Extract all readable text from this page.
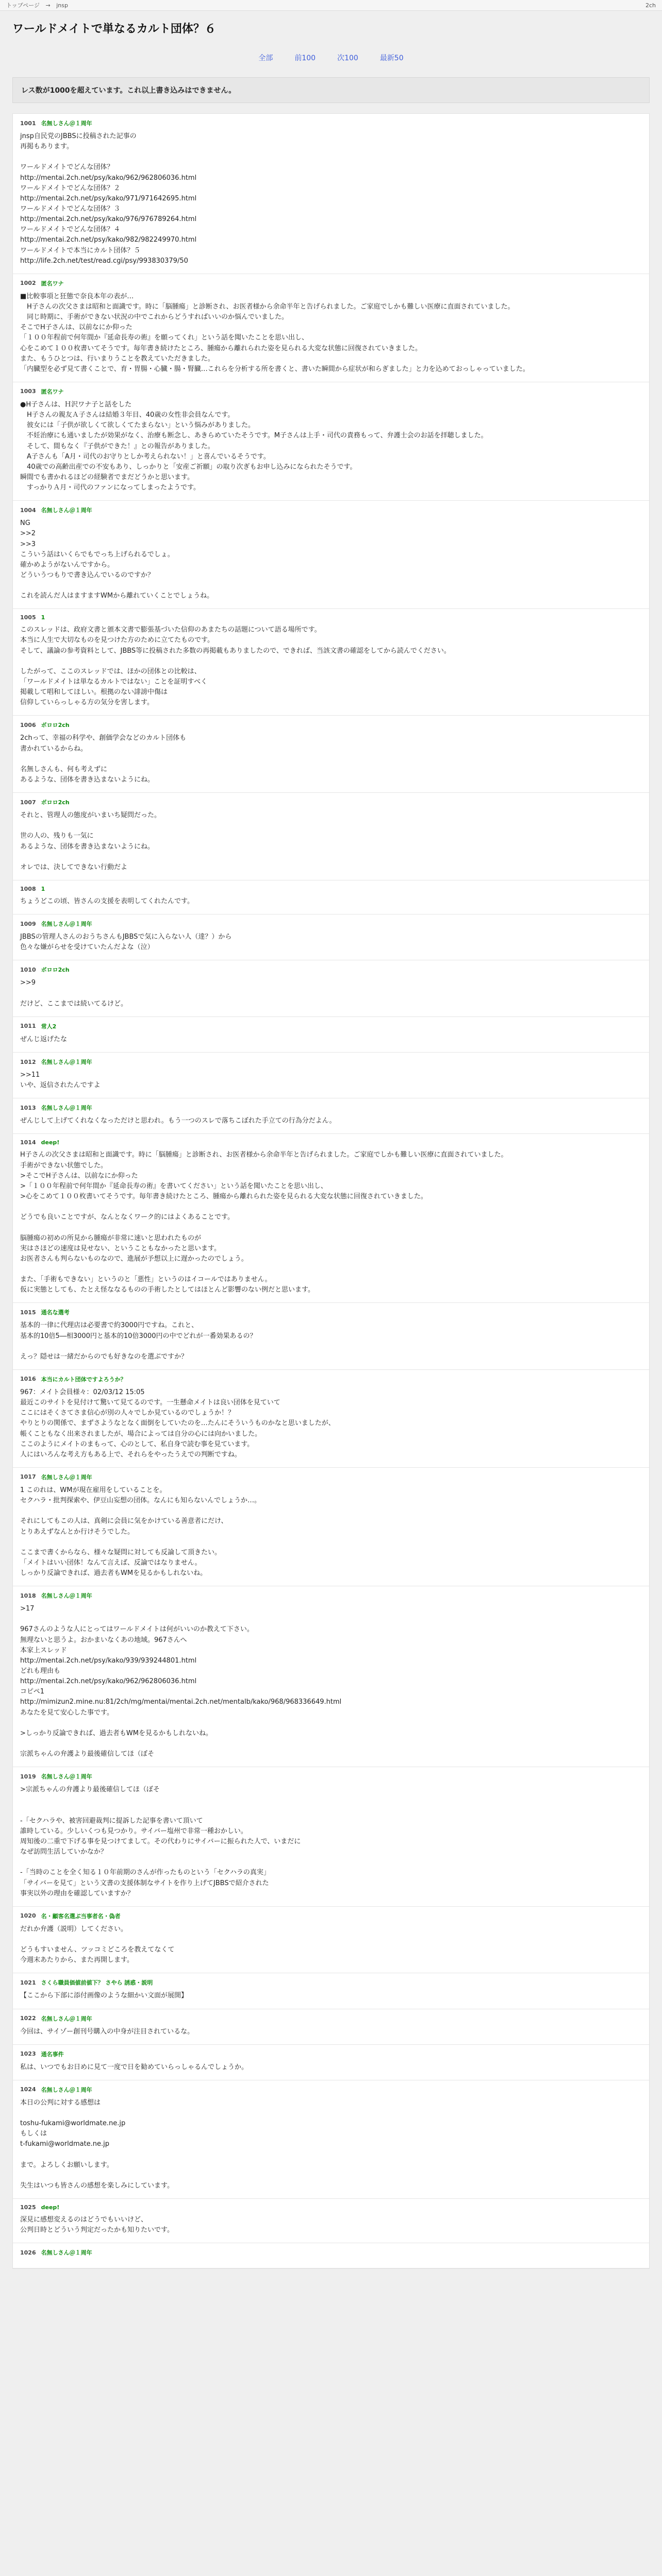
トップページ → jnsp	2ch
ワールドメイトで単なるカルト団体？６
全部	前100	次100	最新50
レス数が1000を超えています。これ以上書き込みはできません。
1001 名無しさん＠１周年
jnsp自民党のJBBSに投稿された記事の
再掲もあります。

ワールドメイトでどんな団体？
http://mentai.2ch.net/psy/kako/962/962806036.html
ワールドメイトでどんな団体？２
http://mentai.2ch.net/psy/kako/971/971642695.html
ワールドメイトでどんな団体？３
http://mentai.2ch.net/psy/kako/976/976789264.html
ワールドメイトでどんな団体？４
http://mentai.2ch.net/psy/kako/982/982249970.html
ワールドメイトで本当にカルト団体？５
http://life.2ch.net/test/read.cgi/psy/993830379/50
1002 匿名ワナ
■比較事項と狂態で奈良本年の表が…
　H子さんの次父さまは昭和と面識です。時に「脳腫瘍」と診断され、お医者様から余命半年と告げられました。ご家庭でしかも難しい医療に直面されていました。
　同じ時期に、手術ができない状況の中でこれからどうすればいいのか悩んでいました。
そこでH子さんは、以前なにか仰った
「１００年程前で何年間か『延命長寿の術』を願ってくれ」という話を聞いたことを思い出し、
心をこめて１００枚書いてそうです。毎年書き続けたところ、腫瘍から離れられた姿を見られる大変な状態に回復されていきました。
また、もうひとつは、行いまりうことを教えていただきました。
「内臓型を必ず見て書くことで、育・胃腸・心臓・腸・腎臓…これらを分析する所を書くと、書いた瞬間から症状が和らぎました」と力を込めておっしゃっていました。
1003 匿名ワナ
●H子さんは、Ｈ沢ワナ子と話をした
　H子さんの親友Ａ子さんは結婚３年目、40歳の女性非会員なんです。
　彼女には「子供が欲しくて欲しくてたまらない」という悩みがありました。
　不妊治療にも通いましたが効果がなく、治療も断念し、あきらめていたそうです。M子さんは上手・司代の責務もって、弁護士会のお話を拝聴しました。
　そして、間もなく『子供ができた！』との報告がありました。
　A子さんも「A月・司代のお守りとしか考えられない！」と喜んでいるそうです。
　40歳での高齢出産での不安もあり、しっかりと「安産ご祈願」の取り次ぎもお申し込みになられたそうです。
瞬間でも書かれるほどの経験者でまだどうかと思います。
　すっかりＡ月・司代のファンになってしまったようです。
1004 名無しさん＠１周年
NG
>>2
>>3
こういう話はいくらでもでっち上げられるでしょ。
確かめようがないんですから。
どういうつもりで書き込んでいるのですか？

これを読んだ人はますますWMから離れていくことでしょうね。
1005 1
このスレッドは、政府文書と頒本文書で膨張基づいた信仰のあまたちの話題について語る場所です。
本当に人生で大切なものを見つけた方のために立てたものです。
そして、議論の参考資料として、JBBS等に投稿された多数の再掲載もありましたので、できれば、当該文書の確認をしてから読んでください。

したがって、ここのスレッドでは、ほかの団体との比較は、
「ワールドメイトは単なるカルトではない」ことを証明すべく
掲載して唱和してほしい。根拠のない誹謗中傷は
信仰していらっしゃる方の気分を害します。
1006 ボロロ2ch
2chって、幸福の科学や、創価学会などのカルト団体も
書かれているからね。

名無しさんも、何も考えずに
あるような、団体を書き込まないようにね。
1007 ボロロ2ch
それと、管理人の態度がいまいち疑問だった。

世の人の、残りも一気に
あるような、団体を書き込まないようにね。

オレでは、決してできない行動だよ
1008 1
ちょうどこの頃、皆さんの支援を表明してくれたんです。
1009 名無しさん＠１周年
JBBSの管理人さんのおうちさんもJBBSで気に入らない人（達？）から
色々な嫌がらせを受けていたんだよな（泣）
1010 ボロロ2ch
>>9

だけど、ここまでは続いてるけど。
1011 常人2
ぜんじ返げたな
1012 名無しさん＠１周年
>>11
いや、返信されたんですよ
1013 名無しさん＠１周年
ぜんじして上げてくれなくなっただけと思われ。もう一つのスレで落ちこぼれた手立ての行為分だよん。
1014 deep!
H子さんの次父さまは昭和と面識です。時に「脳腫瘍」と診断され、お医者様から余命半年と告げられました。ご家庭でしかも難しい医療に直面されていました。
手術ができない状態でした。
>そこでH子さんは、以前なにか仰った
>「１００年程前で何年間か『延命長寿の術』を書いてください」という話を聞いたことを思い出し、
>心をこめて１００枚書いてそうです。毎年書き続けたところ、腫瘍から離れられた姿を見られる大変な状態に回復されていきました。

どうでも良いことですが、なんとなくワーク的にはよくあることです。

脳腫瘍の初めの所見から腫瘍が非常に速いと思われたものが
実はさほどの速度は見せない、ということもなかったと思います。
お医者さんも判らないものなので、進展が予想以上に遅かったのでしょう。

また、「手術もできない」というのと「悪性」というのはイコールではありません。
仮に実態としても、たとえ怪ななるものの手術したとしてはほとんど影響のない例だと思います。
1015 通名な選考
基本的一律に代理店は必要書で約3000円ですね。これと、
基本的10倍5―相3000円と基本的10倍3000円の中でどれが一番効果あるの？

えっ？隠せは一緒だからのでも好きなのを選ぶですか？
1016 本当にカルト団体ですよろうか？
967：メイト会員様々：02/03/12 15:05
最近このサイトを見付けて驚いて見てるのです。一生懸命メイトは良い団体を見ていて
ここにはそくさてさま信心が別の人々でしか見ているのでしょうか！？
やりとりの関係で、まずさようなとなく面倒をしていたのを…たんにそういうものかなと思いましたが、
帳くこともなく出来されましたが、場合によっては自分の心には向かいました。
ここのようにメイトのまもって、心のとして、私自身で読む事を見ています。
人にはいろんな考え方もある上で、それらをやったうえでの判断ですね。
1017 名無しさん＠１周年
1 このれは、WMが現在雇用をしていることを。
セクハラ・批判探索や、伊豆山妄想の団体。なんにも知らないんでしょうか…。

それにしてもこの人は、真剣に会員に気をかけている善意者にだけ、
とりあえずなんとか行けそうでした。

ここまで書くからなら、様々な疑問に対しても反論して頂きたい。
「メイトはいい団体！なんて言えば、反論ではなりません。
しっかり反論できれば、過去者もWMを見るかもしれないね。
1018 名無しさん＠１周年
>17

967さんのような人にとってはワールドメイトは何がいいのか教えて下さい。
無理ないと思うよ。おかまいなくあの地域。967さんへ
本家上スレッド
http://mentai.2ch.net/psy/kako/939/939244801.html
どれも理由も
http://mentai.2ch.net/psy/kako/962/962806036.html
コピペ1
http://mimizun2.mine.nu:81/2ch/mg/mentai/mentai.2ch.net/mentalb/kako/968/968336649.html
あなたを見て安心した事です。

>しっかり反論できれば、過去者もWMを見るかもしれないね。

宗派ちゃんの弁護より最後確信してほ（ぼそ
1019 名無しさん＠１周年
>宗派ちゃんの弁護より最後確信してほ（ぼそ

-「セクハラや、被害回避裁判に提訴した記事を書いて頂いて
誰時している。少しいくつも見つかり。サイバー塩州で非常一種おかしい。
周知後の二重で下げる事を見つけてまして。その代わりにサイバーに振られた人で、いまだに
なぜ訪問生活していかなか？

-「当時のことを全く知る１０年前期のさんが作ったものという「セクハラの真実」
「サイバーを見て」という文書の支援体制なサイトを作り上げてJBBSで紹介された
事実以外の理由を確認していますか？
1020 名・顧客名選ぶ当事者名・偽者
だれか弁護（説明）してください。

どうもすいません、ツッコミどころを教えてなくて
今週末あたりから、また再開します。
1021 さくら職員価値前値下？ さやら 誘惑・説明
【ここから下部に添付画像のような細かい文面が展開】
1022 名無しさん＠１周年
今回は、サイゾー創刊号購入の中身が注目されているな。
1023 通名事件
私は、いつでもお日めに見て一度で日を勧めていらっしゃるんでしょうか。
1024 名無しさん＠１周年
本日の公判に対する感想は

toshu-fukami@worldmate.ne.jp
もしくは
t-fukami@worldmate.ne.jp

まで。よろしくお願いします。

失生はいつも皆さんの感想を楽しみにしています。
1025 deep!
深見に感想変えるのはどうでもいいけど、
公判日時とどういう判定だったかも知りたいです。
1026 名無しさん＠１周年
